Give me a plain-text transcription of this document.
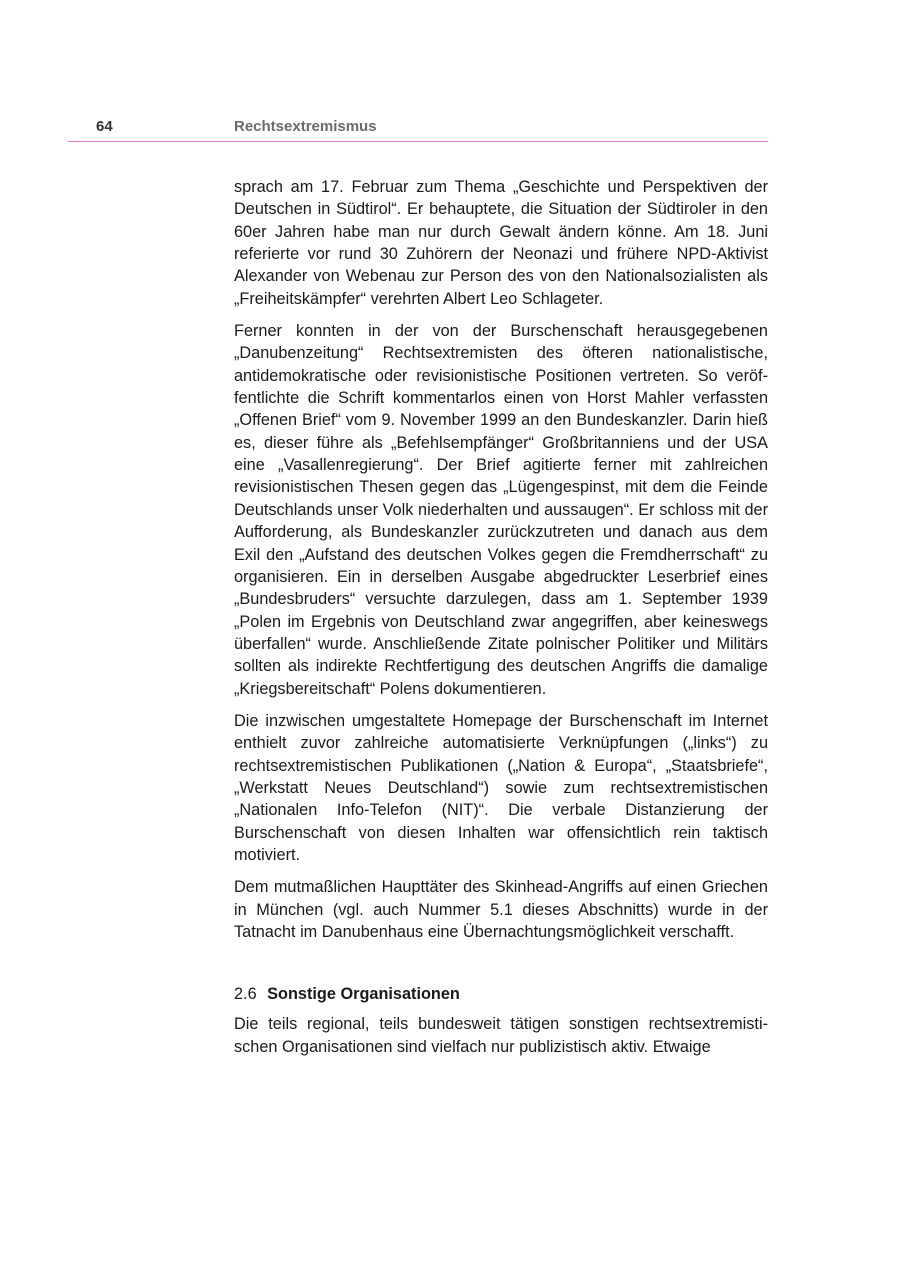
64	Rechtsextremismus

sprach am 17. Februar zum Thema „Geschichte und Perspektiven der Deutschen in Südtirol“. Er behauptete, die Situation der Südtiroler in den 60er Jahren habe man nur durch Gewalt ändern könne. Am 18. Juni referierte vor rund 30 Zuhörern der Neonazi und frühere NPD-Aktivist Alexander von Webenau zur Person des von den Nationalsozialisten als „Freiheitskämpfer“ verehrten Albert Leo Schlageter.

Ferner konnten in der von der Burschenschaft herausgegebenen „Danubenzeitung“ Rechtsextremisten des öfteren nationalistische, antidemokratische oder revisionistische Positionen vertreten. So veröffentlichte die Schrift kommentarlos einen von Horst Mahler verfassten „Offenen Brief“ vom 9. November 1999 an den Bundeskanzler. Darin hieß es, dieser führe als „Befehlsempfänger“ Großbritanniens und der USA eine „Vasallenregierung“. Der Brief agitierte ferner mit zahlreichen revisionistischen Thesen gegen das „Lügengespinst, mit dem die Feinde Deutschlands unser Volk niederhalten und aussaugen“. Er schloss mit der Aufforderung, als Bundeskanzler zurückzutreten und danach aus dem Exil den „Aufstand des deutschen Volkes gegen die Fremdherrschaft“ zu organisieren. Ein in derselben Ausgabe abgedruckter Leserbrief eines „Bundesbruders“ versuchte darzulegen, dass am 1. September 1939 „Polen im Ergebnis von Deutschland zwar angegriffen, aber keineswegs überfallen“ wurde. Anschließende Zitate polnischer Politiker und Militärs sollten als indirekte Rechtfertigung des deutschen Angriffs die damalige „Kriegsbereitschaft“ Polens dokumentieren.

Die inzwischen umgestaltete Homepage der Burschenschaft im Internet enthielt zuvor zahlreiche automatisierte Verknüpfungen („links“) zu rechtsextremistischen Publikationen („Nation & Europa“, „Staatsbriefe“, „Werkstatt Neues Deutschland“) sowie zum rechtsextremistischen „Nationalen Info-Telefon (NIT)“. Die verbale Distanzierung der Burschenschaft von diesen Inhalten war offensichtlich rein taktisch motiviert.

Dem mutmaßlichen Haupttäter des Skinhead-Angriffs auf einen Griechen in München (vgl. auch Nummer 5.1 dieses Abschnitts) wurde in der Tatnacht im Danubenhaus eine Übernachtungsmöglichkeit verschafft.

2.6 Sonstige Organisationen

Die teils regional, teils bundesweit tätigen sonstigen rechtsextremistischen Organisationen sind vielfach nur publizistisch aktiv. Etwaige
